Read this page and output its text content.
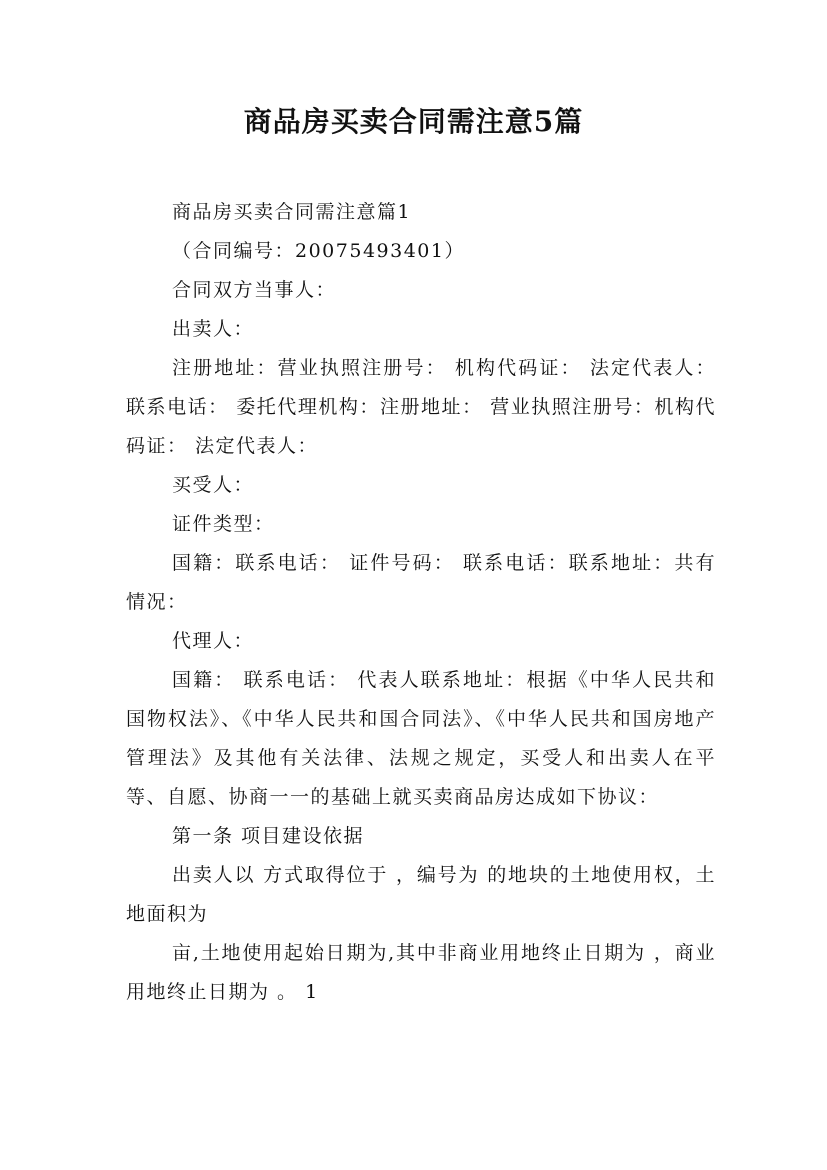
商品房买卖合同需注意5篇

商品房买卖合同需注意篇1

（合同编号：20075493401）

合同双方当事人：

出卖人：

注册地址：营业执照注册号： 机构代码证： 法定代表人： 联系电话： 委托代理机构：注册地址： 营业执照注册号：机构代码证： 法定代表人：

买受人：

证件类型：

国籍：联系电话： 证件号码： 联系电话：联系地址：共有情况：

代理人：

国籍： 联系电话： 代表人联系地址：根据《中华人民共和国物权法》、《中华人民共和国合同法》、《中华人民共和国房地产管理法》及其他有关法律、法规之规定，买受人和出卖人在平等、自愿、协商一一的基础上就买卖商品房达成如下协议：

第一条 项目建设依据

出卖人以 方式取得位于 ，编号为 的地块的土地使用权，土地面积为

亩,土地使用起始日期为,其中非商业用地终止日期为 ，商业用地终止日期为 。 1
